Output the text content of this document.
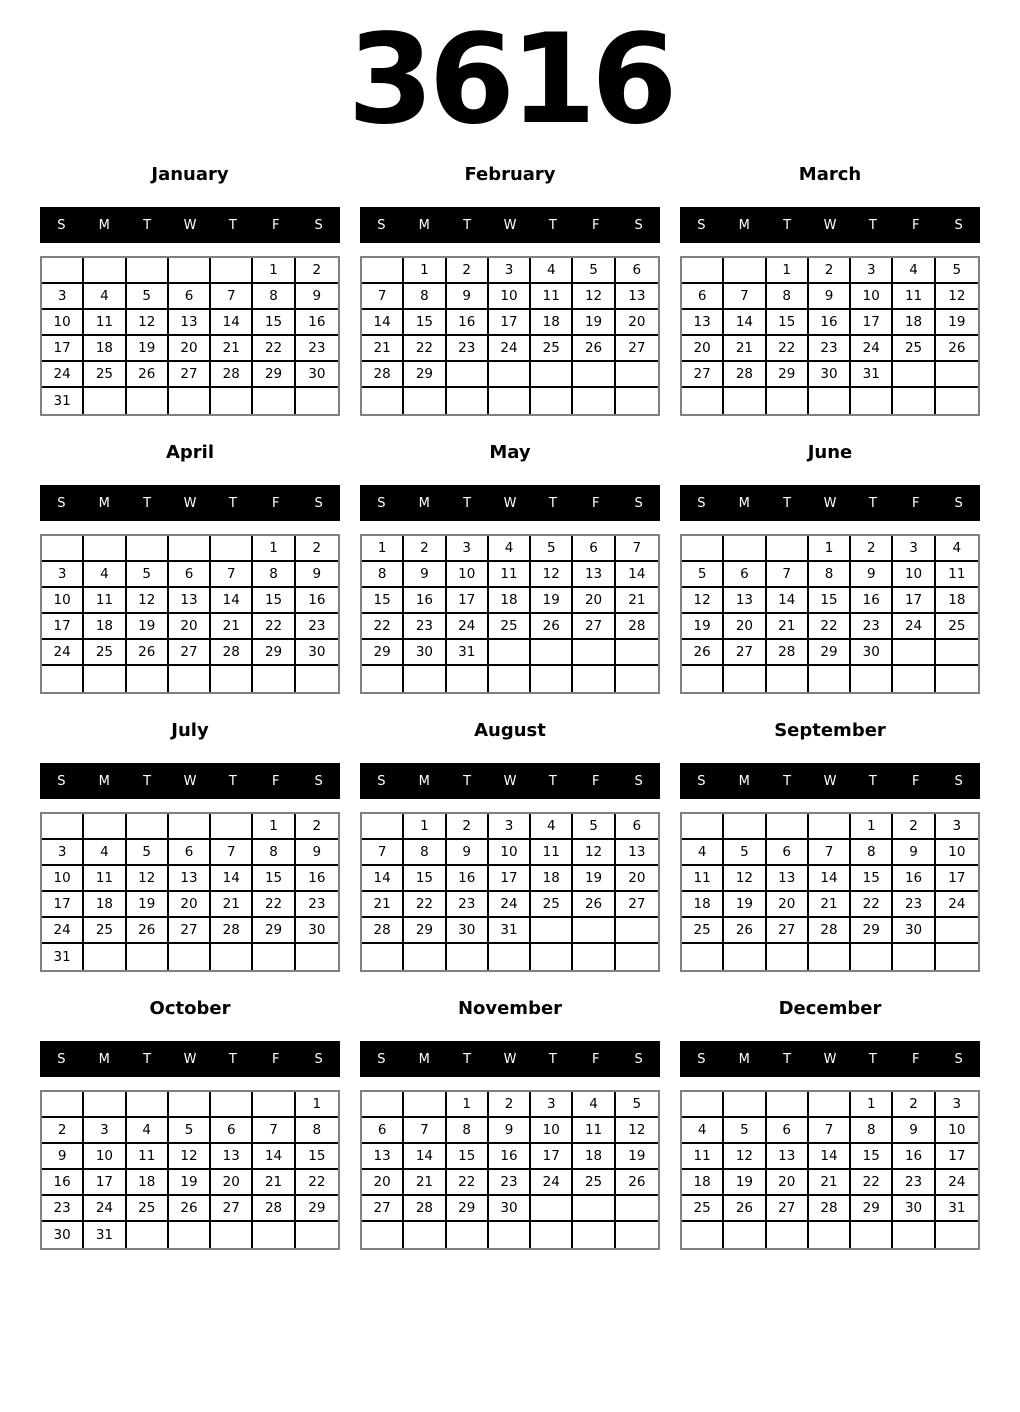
3616
January
S	M	T	W	T	F	S
					1	2
3	4	5	6	7	8	9
10	11	12	13	14	15	16
17	18	19	20	21	22	23
24	25	26	27	28	29	30
31						
February
S	M	T	W	T	F	S
	1	2	3	4	5	6
7	8	9	10	11	12	13
14	15	16	17	18	19	20
21	22	23	24	25	26	27
28	29					

March
S	M	T	W	T	F	S
		1	2	3	4	5
6	7	8	9	10	11	12
13	14	15	16	17	18	19
20	21	22	23	24	25	26
27	28	29	30	31		

April
S	M	T	W	T	F	S
					1	2
3	4	5	6	7	8	9
10	11	12	13	14	15	16
17	18	19	20	21	22	23
24	25	26	27	28	29	30

May
S	M	T	W	T	F	S
1	2	3	4	5	6	7
8	9	10	11	12	13	14
15	16	17	18	19	20	21
22	23	24	25	26	27	28
29	30	31				

June
S	M	T	W	T	F	S
			1	2	3	4
5	6	7	8	9	10	11
12	13	14	15	16	17	18
19	20	21	22	23	24	25
26	27	28	29	30		

July
S	M	T	W	T	F	S
					1	2
3	4	5	6	7	8	9
10	11	12	13	14	15	16
17	18	19	20	21	22	23
24	25	26	27	28	29	30
31						
August
S	M	T	W	T	F	S
	1	2	3	4	5	6
7	8	9	10	11	12	13
14	15	16	17	18	19	20
21	22	23	24	25	26	27
28	29	30	31			

September
S	M	T	W	T	F	S
				1	2	3
4	5	6	7	8	9	10
11	12	13	14	15	16	17
18	19	20	21	22	23	24
25	26	27	28	29	30	

October
S	M	T	W	T	F	S
						1
2	3	4	5	6	7	8
9	10	11	12	13	14	15
16	17	18	19	20	21	22
23	24	25	26	27	28	29
30	31					
November
S	M	T	W	T	F	S
		1	2	3	4	5
6	7	8	9	10	11	12
13	14	15	16	17	18	19
20	21	22	23	24	25	26
27	28	29	30			

December
S	M	T	W	T	F	S
				1	2	3
4	5	6	7	8	9	10
11	12	13	14	15	16	17
18	19	20	21	22	23	24
25	26	27	28	29	30	31
